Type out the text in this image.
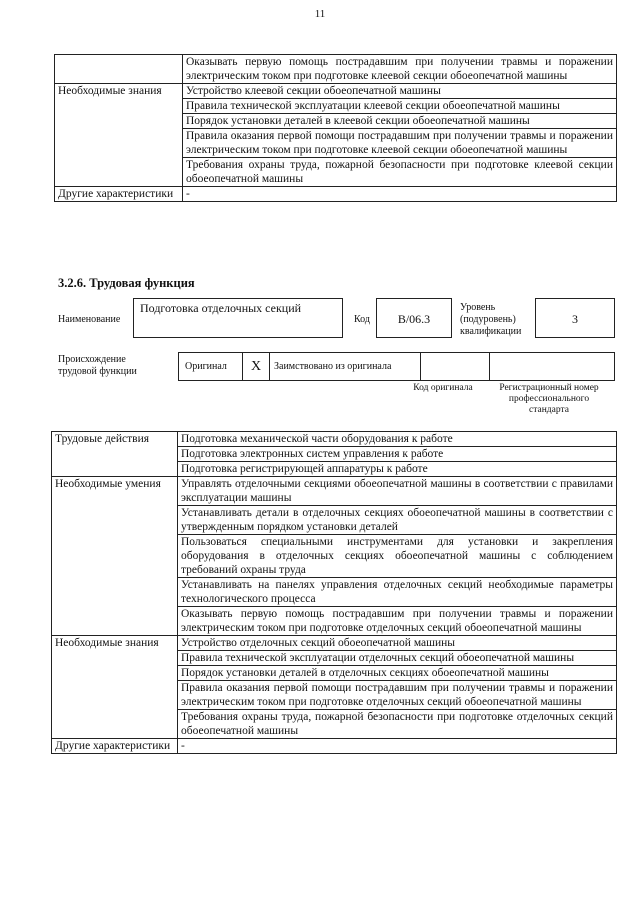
11
	Оказывать первую помощь пострадавшим при получении травмы и поражении электрическим током при подготовке клеевой секции обоеопечатной машины
Необходимые знания	Устройство клеевой секции обоеопечатной машины
	Правила технической эксплуатации клеевой секции обоеопечатной машины
	Порядок установки деталей в клеевой секции обоеопечатной машины
	Правила оказания первой помощи пострадавшим при получении травмы и поражении электрическим током при подготовке клеевой секции обоеопечатной машины
	Требования охраны труда, пожарной безопасности при подготовке клеевой секции обоеопечатной машины
Другие характеристики	-
3.2.6. Трудовая функция
Наименование
Подготовка отделочных секций
Код	В/06.3
Уровень (подуровень) квалификации
3
Происхождение трудовой функции	Оригинал	X	Заимствовано из оригинала
Код оригинала	Регистрационный номер профессионального стандарта
Трудовые действия	Подготовка механической части оборудования к работе
	Подготовка электронных систем управления к работе
	Подготовка регистрирующей аппаратуры к работе
Необходимые умения	Управлять отделочными секциями обоеопечатной машины в соответствии с правилами эксплуатации машины
	Устанавливать детали в отделочных секциях обоеопечатной машины в соответствии с утвержденным порядком установки деталей
	Пользоваться специальными инструментами для установки и закрепления оборудования в отделочных секциях обоеопечатной машины с соблюдением требований охраны труда
	Устанавливать на панелях управления отделочных секций необходимые параметры технологического процесса
	Оказывать первую помощь пострадавшим при получении травмы и поражении электрическим током при подготовке отделочных секций обоеопечатной машины
Необходимые знания	Устройство отделочных секций обоеопечатной машины
	Правила технической эксплуатации отделочных секций обоеопечатной машины
	Порядок установки деталей в отделочных секциях обоеопечатной машины
	Правила оказания первой помощи пострадавшим при получении травмы и поражении электрическим током при подготовке отделочных секций обоеопечатной машины
	Требования охраны труда, пожарной безопасности при подготовке отделочных секций обоеопечатной машины
Другие характеристики	-
